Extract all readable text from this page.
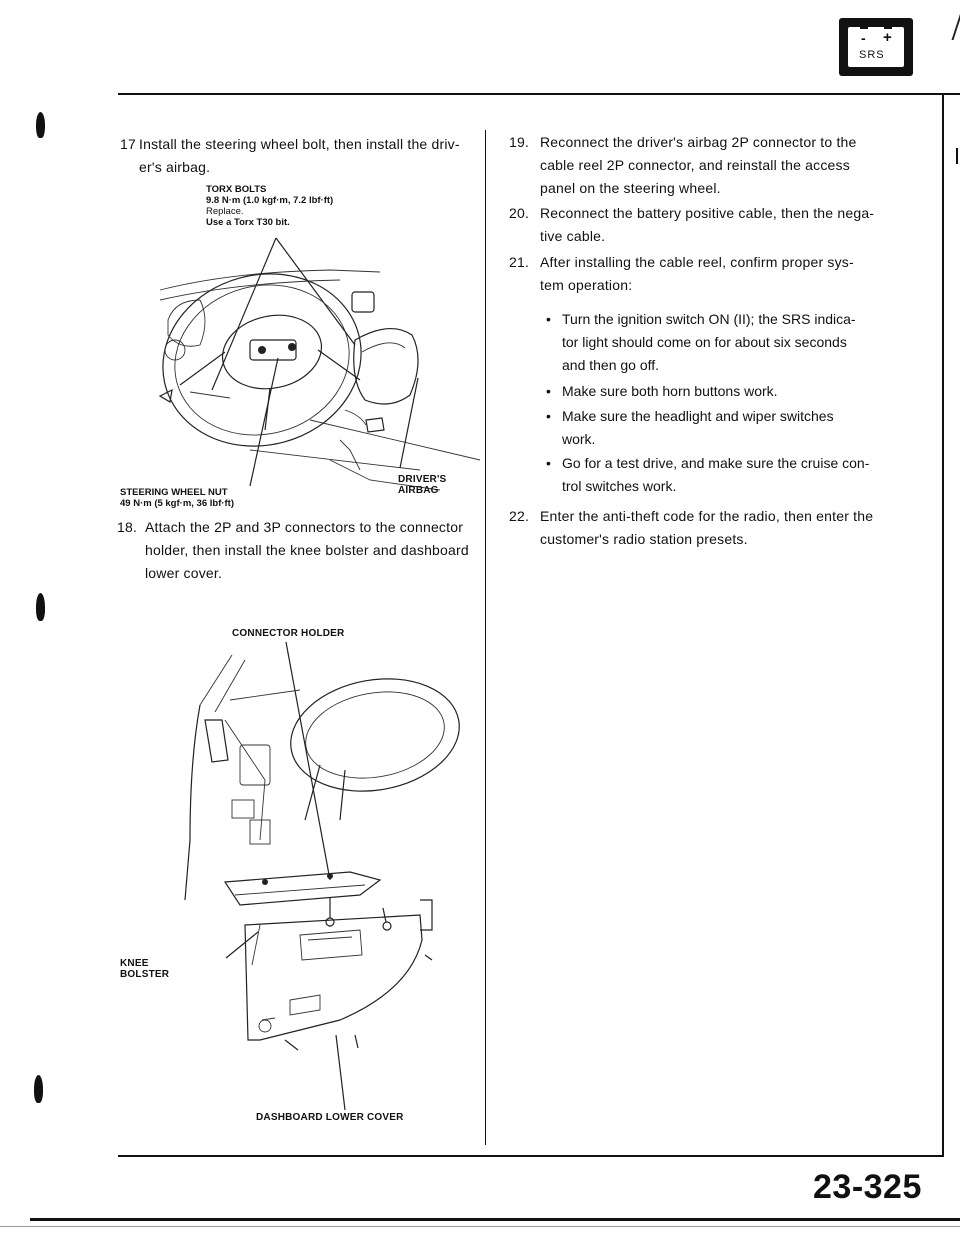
- +
SRS
17 Install the steering wheel bolt, then install the driv-
er's airbag.
TORX BOLTS
9.8 N·m (1.0 kgf·m, 7.2 lbf·ft)
Replace.
Use a Torx T30 bit.
DRIVER'S
AIRBAG
STEERING WHEEL NUT
49 N·m (5 kgf·m, 36 lbf·ft)
18. Attach the 2P and 3P connectors to the connector
holder, then install the knee bolster and dashboard
lower cover.
CONNECTOR HOLDER
KNEE
BOLSTER
DASHBOARD LOWER COVER
19. Reconnect the driver's airbag 2P connector to the
cable reel 2P connector, and reinstall the access
panel on the steering wheel.
20. Reconnect the battery positive cable, then the nega-
tive cable.
21. After installing the cable reel, confirm proper sys-
tem operation:
• Turn the ignition switch ON (II); the SRS indica-
tor light should come on for about six seconds
and then go off.
• Make sure both horn buttons work.
• Make sure the headlight and wiper switches
work.
• Go for a test drive, and make sure the cruise con-
trol switches work.
22. Enter the anti-theft code for the radio, then enter the
customer's radio station presets.
23-325
